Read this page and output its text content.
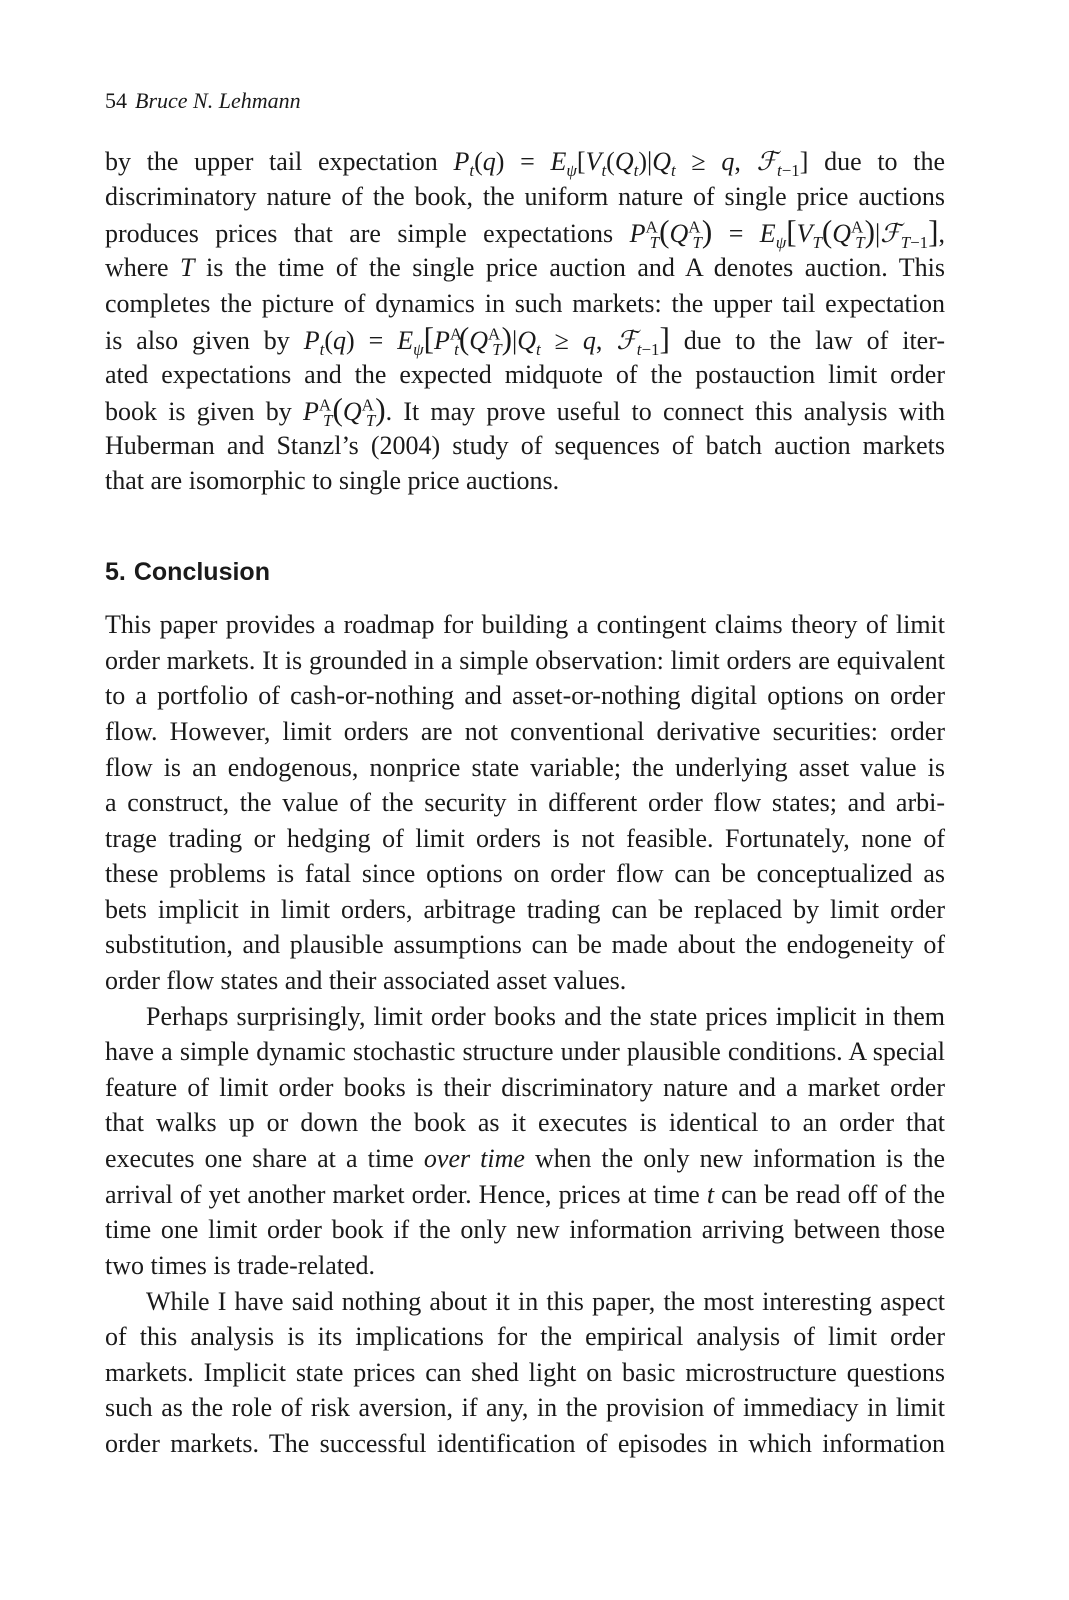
54 Bruce N. Lehmann
by the upper tail expectation $P_t(q) = E_\psi[V_t(Q_t)|Q_t \ge q$, ℱ$_{t-1}$] due to the
discriminatory nature of the book, the uniform nature of single price auctions
produces prices that are simple expectations $P^A_T(Q^A_T)$ = $E_\psi[V_T(Q^A_T)|ℱ_{T-1}]$,
where T is the time of the single price auction and A denotes auction. This
completes the picture of dynamics in such markets: the upper tail expectation
is also given by $P_t(q) = E_\psi[P^A_t(Q^A_T)|Q_t \ge q$, ℱ$_{t-1}$] due to the law of iter-
ated expectations and the expected midquote of the postauction limit order
book is given by $P^A_T(Q^A_T)$. It may prove useful to connect this analysis with
Huberman and Stanzl’s (2004) study of sequences of batch auction markets
that are isomorphic to single price auctions.
5. Conclusion
This paper provides a roadmap for building a contingent claims theory of limit
order markets. It is grounded in a simple observation: limit orders are equivalent
to a portfolio of cash-or-nothing and asset-or-nothing digital options on order
flow. However, limit orders are not conventional derivative securities: order
flow is an endogenous, nonprice state variable; the underlying asset value is
a construct, the value of the security in different order flow states; and arbi-
trage trading or hedging of limit orders is not feasible. Fortunately, none of
these problems is fatal since options on order flow can be conceptualized as
bets implicit in limit orders, arbitrage trading can be replaced by limit order
substitution, and plausible assumptions can be made about the endogeneity of
order flow states and their associated asset values.
Perhaps surprisingly, limit order books and the state prices implicit in them
have a simple dynamic stochastic structure under plausible conditions. A special
feature of limit order books is their discriminatory nature and a market order
that walks up or down the book as it executes is identical to an order that
executes one share at a time over time when the only new information is the
arrival of yet another market order. Hence, prices at time t can be read off of the
time one limit order book if the only new information arriving between those
two times is trade-related.
While I have said nothing about it in this paper, the most interesting aspect
of this analysis is its implications for the empirical analysis of limit order
markets. Implicit state prices can shed light on basic microstructure questions
such as the role of risk aversion, if any, in the provision of immediacy in limit
order markets. The successful identification of episodes in which information
